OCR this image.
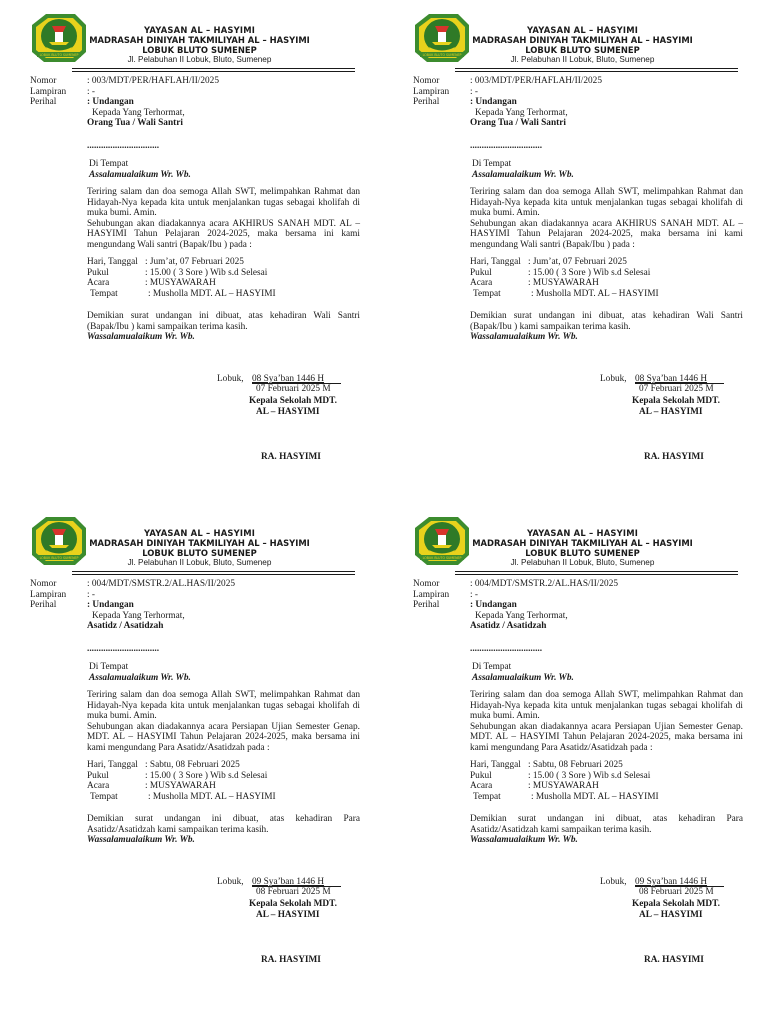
LOBUK BLUTO SUMENEP
YAYASAN AL – HASYIMI
MADRASAH DINIYAH TAKMILIYAH AL – HASYIMI
LOBUK BLUTO SUMENEP
Jl. Pelabuhan II Lobuk, Bluto, Sumenep
Nomor	: 003/MDT/PER/HAFLAH/II/2025
Lampiran	: -
Perihal	: Undangan
Kepada Yang Terhormat,
Orang Tua / Wali Santri
...............................
Di Tempat
Assalamualaikum Wr. Wb.
Teriring salam dan doa semoga Allah SWT, melimpahkan Rahmat dan Hidayah-Nya kepada kita untuk menjalankan tugas sebagai kholifah di muka bumi. Amin.
Sehubungan akan diadakannya acara AKHIRUS SANAH MDT. AL – HASYIMI Tahun Pelajaran 2024-2025, maka bersama ini kami mengundang Wali santri (Bapak/Ibu ) pada :
Hari, Tanggal : Jum’at, 07 Februari 2025
Pukul	: 15.00 ( 3 Sore ) Wib s.d Selesai
Acara	: MUSYAWARAH
Tempat	: Musholla MDT. AL – HASYIMI
Demikian surat undangan ini dibuat, atas kehadiran Wali Santri (Bapak/Ibu ) kami sampaikan terima kasih.
Wassalamualaikum Wr. Wb.
Lobuk, 08 Sya’ban 1446 H
07 Februari 2025 M
Kepala Sekolah MDT.
AL – HASYIMI
RA. HASYIMI
LOBUK BLUTO SUMENEP
YAYASAN AL – HASYIMI
MADRASAH DINIYAH TAKMILIYAH AL – HASYIMI
LOBUK BLUTO SUMENEP
Jl. Pelabuhan II Lobuk, Bluto, Sumenep
Nomor	: 003/MDT/PER/HAFLAH/II/2025
Lampiran	: -
Perihal	: Undangan
Kepada Yang Terhormat,
Orang Tua / Wali Santri
...............................
Di Tempat
Assalamualaikum Wr. Wb.
Teriring salam dan doa semoga Allah SWT, melimpahkan Rahmat dan Hidayah-Nya kepada kita untuk menjalankan tugas sebagai kholifah di muka bumi. Amin.
Sehubungan akan diadakannya acara AKHIRUS SANAH MDT. AL – HASYIMI Tahun Pelajaran 2024-2025, maka bersama ini kami mengundang Wali santri (Bapak/Ibu ) pada :
Hari, Tanggal : Jum’at, 07 Februari 2025
Pukul	: 15.00 ( 3 Sore ) Wib s.d Selesai
Acara	: MUSYAWARAH
Tempat	: Musholla MDT. AL – HASYIMI
Demikian surat undangan ini dibuat, atas kehadiran Wali Santri (Bapak/Ibu ) kami sampaikan terima kasih.
Wassalamualaikum Wr. Wb.
Lobuk, 08 Sya’ban 1446 H
07 Februari 2025 M
Kepala Sekolah MDT.
AL – HASYIMI
RA. HASYIMI
LOBUK BLUTO SUMENEP
YAYASAN AL – HASYIMI
MADRASAH DINIYAH TAKMILIYAH AL – HASYIMI
LOBUK BLUTO SUMENEP
Jl. Pelabuhan II Lobuk, Bluto, Sumenep
Nomor	: 004/MDT/SMSTR.2/AL.HAS/II/2025
Lampiran	: -
Perihal	: Undangan
Kepada Yang Terhormat,
Asatidz / Asatidzah
...............................
Di Tempat
Assalamualaikum Wr. Wb.
Teriring salam dan doa semoga Allah SWT, melimpahkan Rahmat dan Hidayah-Nya kepada kita untuk menjalankan tugas sebagai kholifah di muka bumi. Amin.
Sehubungan akan diadakannya acara Persiapan Ujian Semester Genap. MDT. AL – HASYIMI Tahun Pelajaran 2024-2025, maka bersama ini kami mengundang Para Asatidz/Asatidzah pada :
Hari, Tanggal : Sabtu, 08 Februari 2025
Pukul	: 15.00 ( 3 Sore ) Wib s.d Selesai
Acara	: MUSYAWARAH
Tempat	: Musholla MDT. AL – HASYIMI
Demikian surat undangan ini dibuat, atas kehadiran Para Asatidz/Asatidzah kami sampaikan terima kasih.
Wassalamualaikum Wr. Wb.
Lobuk, 09 Sya’ban 1446 H
08 Februari 2025 M
Kepala Sekolah MDT.
AL – HASYIMI
RA. HASYIMI
LOBUK BLUTO SUMENEP
YAYASAN AL – HASYIMI
MADRASAH DINIYAH TAKMILIYAH AL – HASYIMI
LOBUK BLUTO SUMENEP
Jl. Pelabuhan II Lobuk, Bluto, Sumenep
Nomor	: 004/MDT/SMSTR.2/AL.HAS/II/2025
Lampiran	: -
Perihal	: Undangan
Kepada Yang Terhormat,
Asatidz / Asatidzah
...............................
Di Tempat
Assalamualaikum Wr. Wb.
Teriring salam dan doa semoga Allah SWT, melimpahkan Rahmat dan Hidayah-Nya kepada kita untuk menjalankan tugas sebagai kholifah di muka bumi. Amin.
Sehubungan akan diadakannya acara Persiapan Ujian Semester Genap. MDT. AL – HASYIMI Tahun Pelajaran 2024-2025, maka bersama ini kami mengundang Para Asatidz/Asatidzah pada :
Hari, Tanggal : Sabtu, 08 Februari 2025
Pukul	: 15.00 ( 3 Sore ) Wib s.d Selesai
Acara	: MUSYAWARAH
Tempat	: Musholla MDT. AL – HASYIMI
Demikian surat undangan ini dibuat, atas kehadiran Para Asatidz/Asatidzah kami sampaikan terima kasih.
Wassalamualaikum Wr. Wb.
Lobuk, 09 Sya’ban 1446 H
08 Februari 2025 M
Kepala Sekolah MDT.
AL – HASYIMI
RA. HASYIMI
